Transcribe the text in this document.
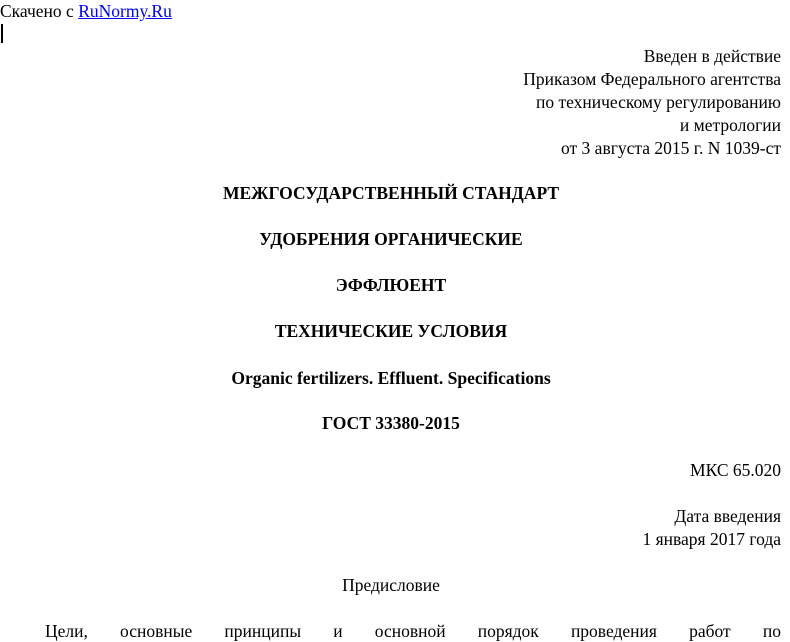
Скачено с RuNormy.Ru
Введен в действие
Приказом Федерального агентства
по техническому регулированию
и метрологии
от 3 августа 2015 г. N 1039-ст
МЕЖГОСУДАРСТВЕННЫЙ СТАНДАРТ
УДОБРЕНИЯ ОРГАНИЧЕСКИЕ
ЭФФЛЮЕНТ
ТЕХНИЧЕСКИЕ УСЛОВИЯ
Organic fertilizers. Effluent. Specifications
ГОСТ 33380-2015
МКС 65.020
Дата введения
1 января 2017 года
Предисловие
Цели, основные принципы и основной порядок проведения работ по
